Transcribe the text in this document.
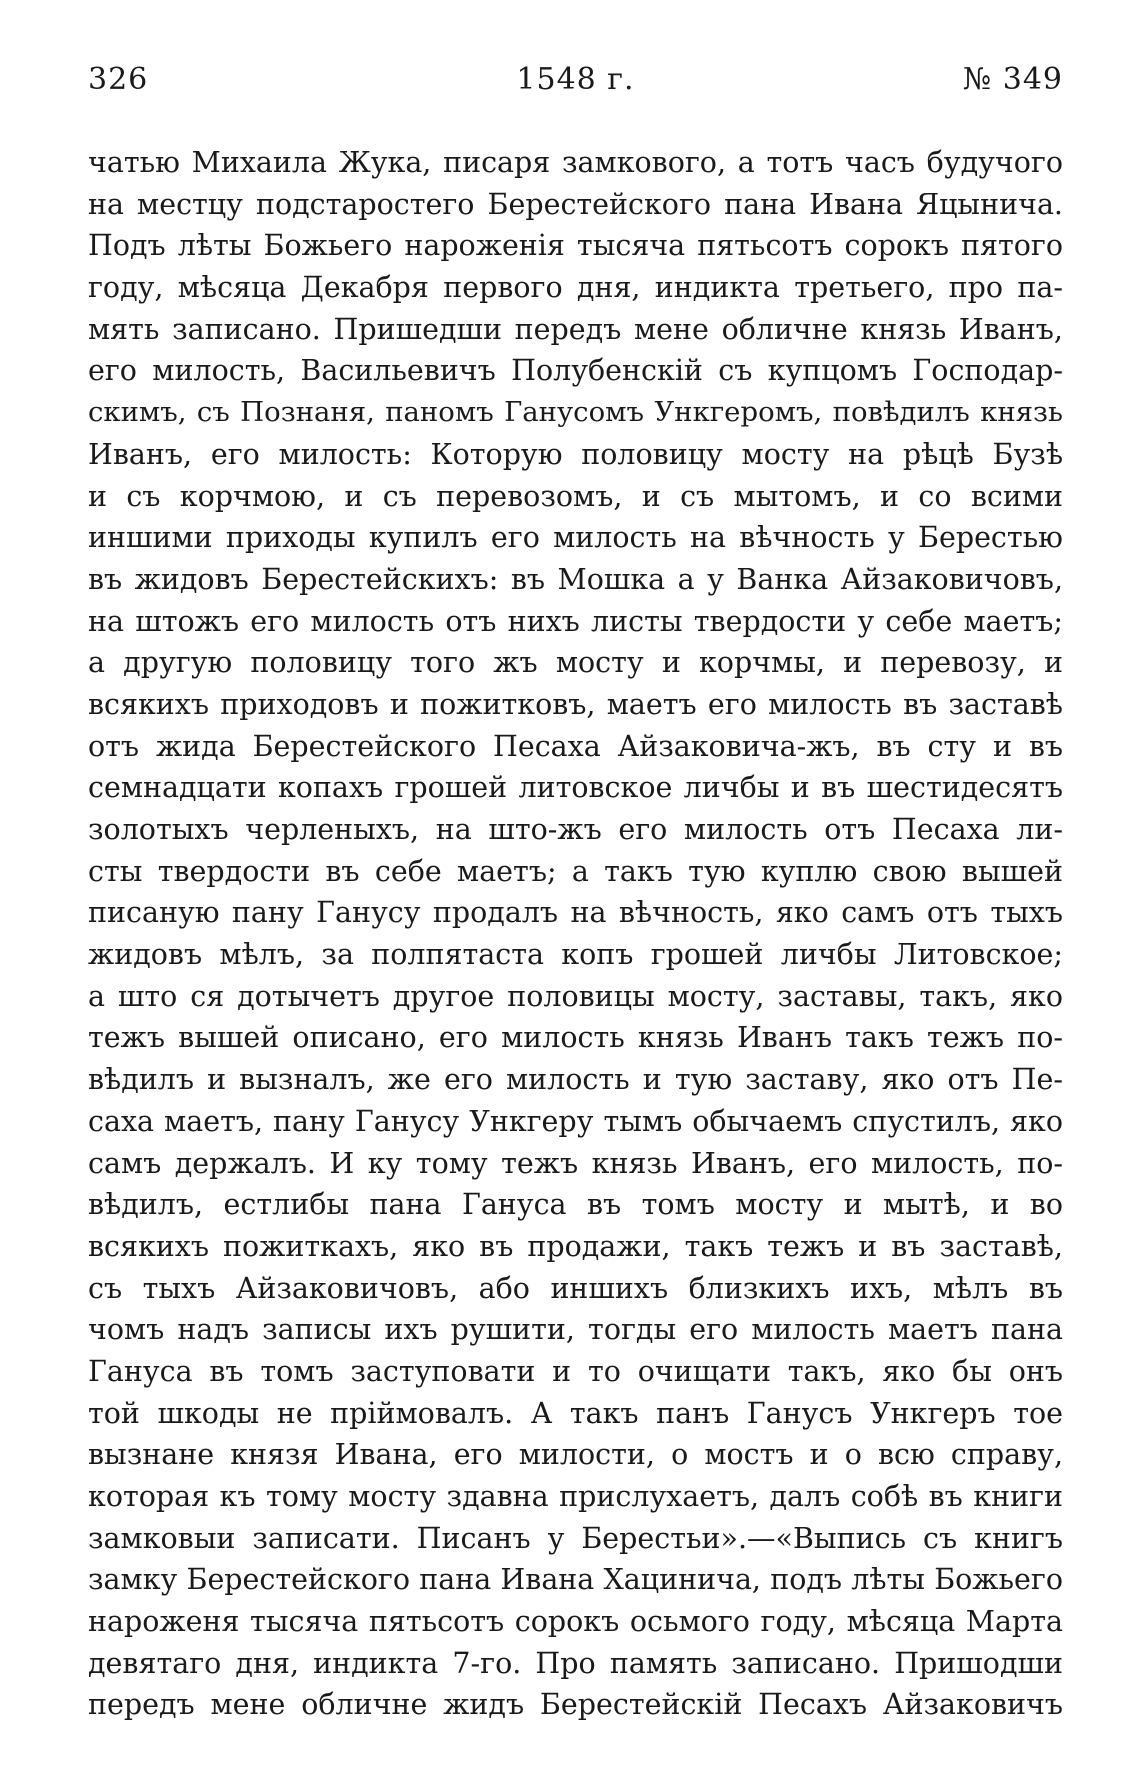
326	1548 г.	№ 349
чатью Михаила Жука, писаря замкового, а тотъ часъ будучого
на местцу подстаростего Берестейского пана Ивана Яцынича.
Подъ лѣты Божьего нароженія тысяча пятьсотъ сорокъ пятого
году, мѣсяца Декабря первого дня, индикта третьего, про па-
мять записано. Пришедши передъ мене обличне князь Иванъ,
его милость, Васильевичъ Полубенскій съ купцомъ Господар-
скимъ, съ Познаня, паномъ Ганусомъ Ункгеромъ, повѣдилъ князь
Иванъ, его милость: Которую половицу мосту на рѣцѣ Бузѣ
и съ корчмою, и съ перевозомъ, и съ мытомъ, и со всими
иншими приходы купилъ его милость на вѣчность у Берестью
въ жидовъ Берестейскихъ: въ Мошка а у Ванка Айзаковичовъ,
на штожъ его милость отъ нихъ листы твердости у себе маетъ;
а другую половицу того жъ мосту и корчмы, и перевозу, и
всякихъ приходовъ и пожитковъ, маетъ его милость въ заставѣ
отъ жида Берестейского Песаха Айзаковича-жъ, въ сту и въ
семнадцати копахъ грошей литовское личбы и въ шестидесятъ
золотыхъ черленыхъ, на што-жъ его милость отъ Песаха ли-
сты твердости въ себе маетъ; а такъ тую куплю свою вышей
писаную пану Ганусу продалъ на вѣчность, яко самъ отъ тыхъ
жидовъ мѣлъ, за полпятаста копъ грошей личбы Литовское;
а што ся дотычетъ другое половицы мосту, заставы, такъ, яко
тежъ вышей описано, его милость князь Иванъ такъ тежъ по-
вѣдилъ и вызналъ, же его милость и тую заставу, яко отъ Пе-
саха маетъ, пану Ганусу Ункгеру тымъ обычаемъ спустилъ, яко
самъ держалъ. И ку тому тежъ князь Иванъ, его милость, по-
вѣдилъ, естлибы пана Гануса въ томъ мосту и мытѣ, и во
всякихъ пожиткахъ, яко въ продажи, такъ тежъ и въ заставѣ,
съ тыхъ Айзаковичовъ, або иншихъ близкихъ ихъ, мѣлъ въ
чомъ надъ записы ихъ рушити, тогды его милость маетъ пана
Гануса въ томъ заступовати и то очищати такъ, яко бы онъ
той шкоды не пріймовалъ. А такъ панъ Ганусъ Ункгеръ тое
вызнане князя Ивана, его милости, о мостъ и о всю справу,
которая къ тому мосту здавна прислухаетъ, далъ собѣ въ книги
замковыи записати. Писанъ у Берестьи».—«Выпись съ книгъ
замку Берестейского пана Ивана Хацинича, подъ лѣты Божьего
нароженя тысяча пятьсотъ сорокъ осьмого году, мѣсяца Марта
девятаго дня, индикта 7-го. Про память записано. Пришодши
передъ мене обличне жидъ Берестейскій Песахъ Айзаковичъ
